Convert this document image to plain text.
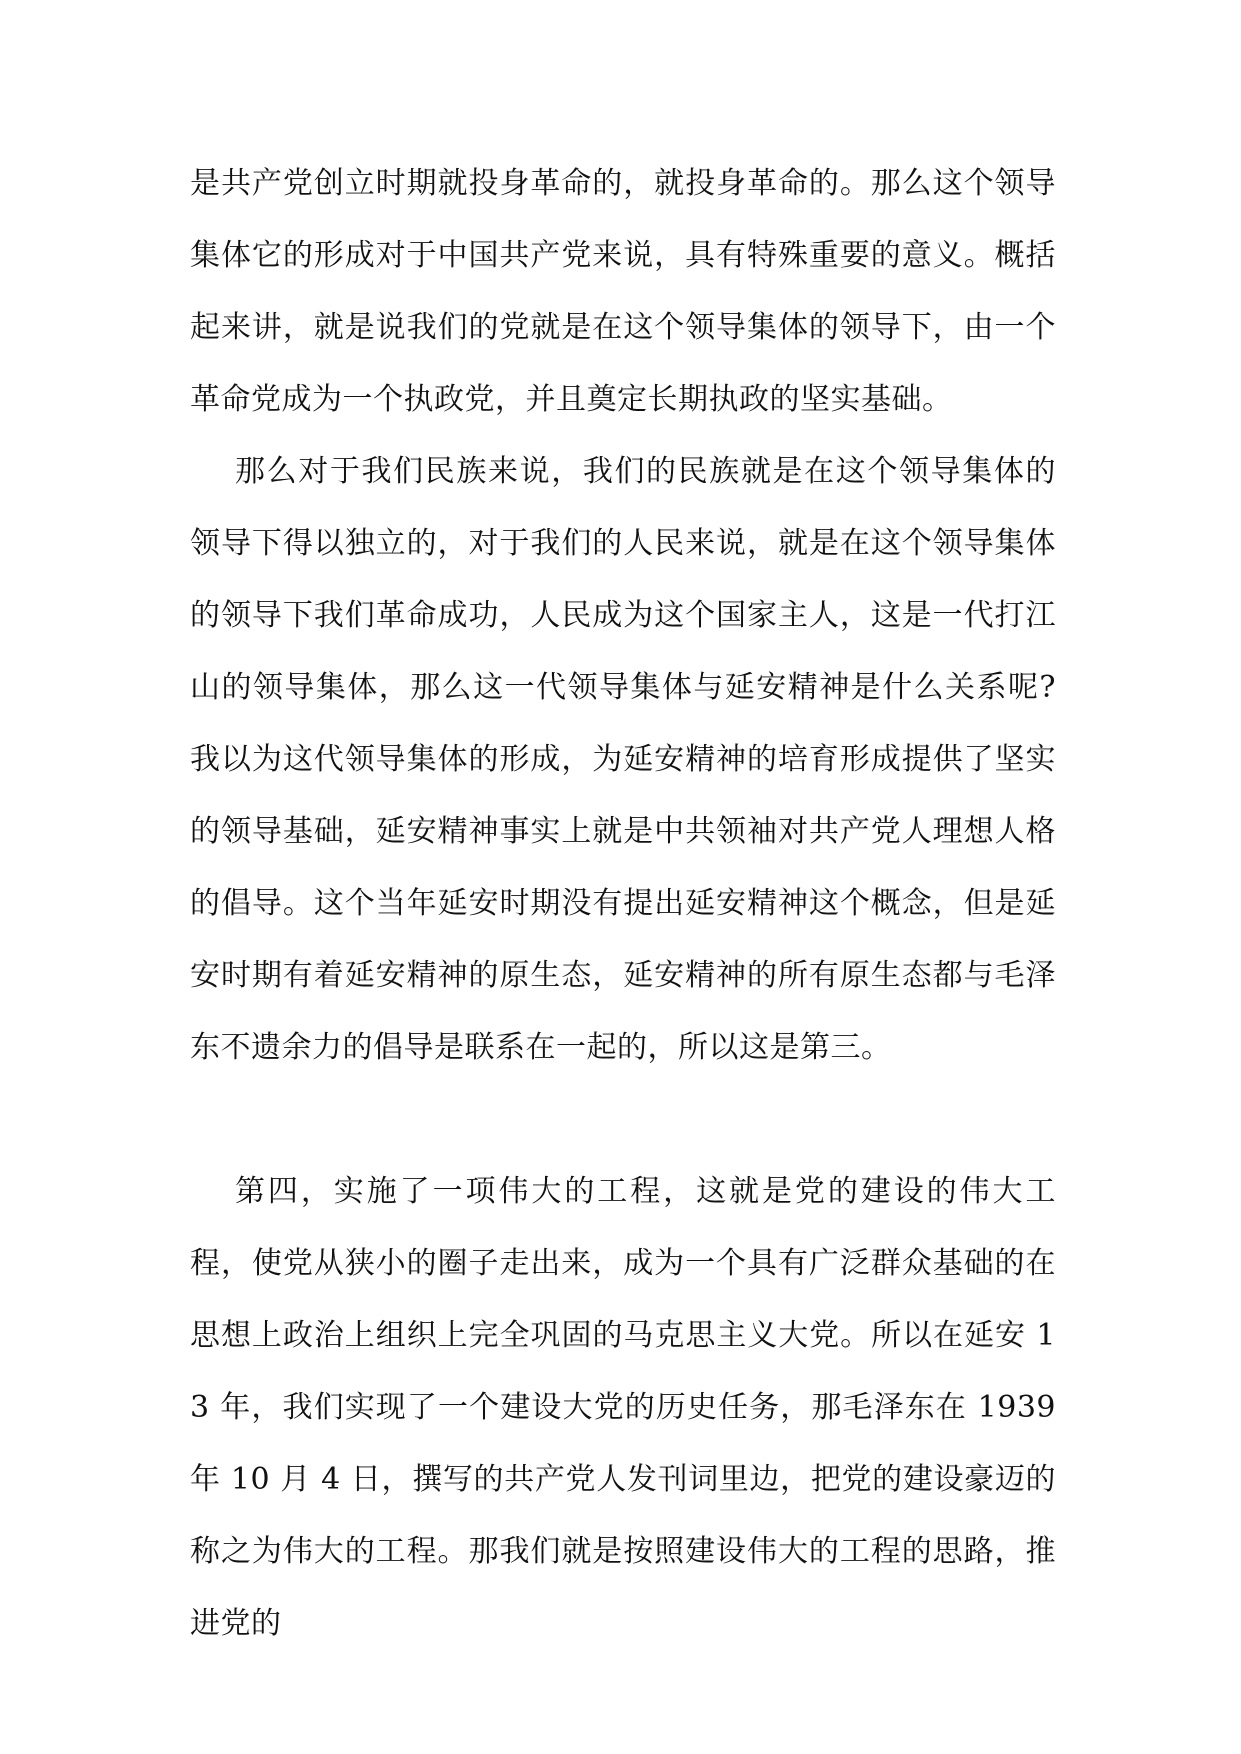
是共产党创立时期就投身革命的，就投身革命的。那么这个领导集体它的形成对于中国共产党来说，具有特殊重要的意义。概括起来讲，就是说我们的党就是在这个领导集体的领导下，由一个革命党成为一个执政党，并且奠定长期执政的坚实基础。

那么对于我们民族来说，我们的民族就是在这个领导集体的领导下得以独立的，对于我们的人民来说，就是在这个领导集体的领导下我们革命成功，人民成为这个国家主人，这是一代打江山的领导集体，那么这一代领导集体与延安精神是什么关系呢?我以为这代领导集体的形成，为延安精神的培育形成提供了坚实的领导基础，延安精神事实上就是中共领袖对共产党人理想人格的倡导。这个当年延安时期没有提出延安精神这个概念，但是延安时期有着延安精神的原生态，延安精神的所有原生态都与毛泽东不遗余力的倡导是联系在一起的，所以这是第三。

第四，实施了一项伟大的工程，这就是党的建设的伟大工程，使党从狭小的圈子走出来，成为一个具有广泛群众基础的在思想上政治上组织上完全巩固的马克思主义大党。所以在延安 13 年，我们实现了一个建设大党的历史任务，那毛泽东在 1939 年 10 月 4 日，撰写的共产党人发刊词里边，把党的建设豪迈的称之为伟大的工程。那我们就是按照建设伟大的工程的思路，推进党的
